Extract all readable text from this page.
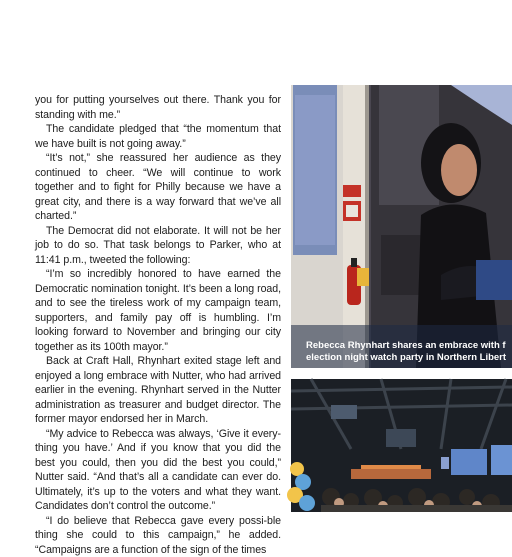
you for putting yourselves out there. Thank you for standing with me.”

The candidate pledged that “the momentum that we have built is not going away.”

“It’s not,” she reassured her audience as they continued to cheer. “We will continue to work together and to fight for Philly because we have a great city, and there is a way forward that we’ve all charted.”

The Democrat did not elaborate. It will not be her job to do so. That task belongs to Parker, who at 11:41 p.m., tweeted the following:

“I’m so incredibly honored to have earned the Democratic nomination tonight. It’s been a long road, and to see the tireless work of my campaign team, supporters, and family pay off is humbling. I’m looking forward to November and bringing our city together as its 100th mayor.”

Back at Craft Hall, Rhynhart exited stage left and enjoyed a long embrace with Nutter, who had arrived earlier in the evening. Rhynhart served in the Nutter administration as treasurer and budget director. The former mayor endorsed her in March.

“My advice to Rebecca was always, ‘Give it every-thing you have.’ And if you know that you did the best you could, then you did the best you could,” Nutter said. “And that’s all a candidate can ever do. Ultimately, it’s up to the voters and what they want. Candidates don’t control the outcome.”

“I do believe that Rebecca gave every possi-ble thing she could to this campaign,” he added. “Campaigns are a function of the sign of the times

Rebecca Rhynhart shares an embrace with f
election night watch party in Northern Libert
